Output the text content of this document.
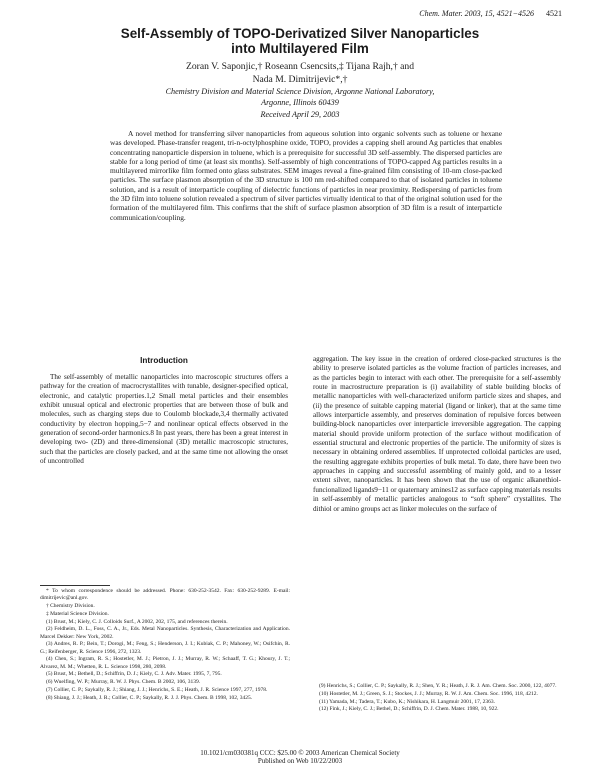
Chem. Mater. 2003, 15, 4521−4526 4521
Self-Assembly of TOPO-Derivatized Silver Nanoparticles
into Multilayered Film
Zoran V. Saponjic,† Roseann Csencsits,‡ Tijana Rajh,† and
Nada M. Dimitrijevic*,†
Chemistry Division and Material Science Division, Argonne National Laboratory,
Argonne, Illinois 60439
Received April 29, 2003

A novel method for transferring silver nanoparticles from aqueous solution into organic solvents such as toluene or hexane was developed. Phase-transfer reagent, tri-n-octylphosphine oxide, TOPO, provides a capping shell around Ag particles that enables concentrating nanoparticle dispersion in toluene, which is a prerequisite for successful 3D self-assembly. The dispersed particles are stable for a long period of time (at least six months). Self-assembly of high concentrations of TOPO-capped Ag particles results in a multilayered mirrorlike film formed onto glass substrates. SEM images reveal a fine-grained film consisting of 10-nm close-packed particles. The surface plasmon absorption of the 3D structure is 100 nm red-shifted compared to that of isolated particles in toluene solution, and is a result of interparticle coupling of dielectric functions of particles in near proximity. Redispersing of particles from the 3D film into toluene solution revealed a spectrum of silver particles virtually identical to that of the original solution used for the formation of the multilayered film. This confirms that the shift of surface plasmon absorption of 3D film is a result of interparticle communication/coupling.

Introduction

The self-assembly of metallic nanoparticles into macroscopic structures offers a pathway for the creation of macrocrystallites with tunable, designer-specified optical, electronic, and catalytic properties.1,2 Small metal particles and their ensembles exhibit unusual optical and electronic properties that are between those of bulk and molecules, such as charging steps due to Coulomb blockade,3,4 thermally activated conductivity by electron hopping,5−7 and nonlinear optical effects observed in the generation of second-order harmonics.8 In past years, there has been a great interest in developing two- (2D) and three-dimensional (3D) metallic macroscopic structures, such that the particles are closely packed, and at the same time not allowing the onset of uncontrolled

aggregation. The key issue in the creation of ordered close-packed structures is the ability to preserve isolated particles as the volume fraction of particles increases, and as the particles begin to interact with each other. The prerequisite for a self-assembly route in macrostructure preparation is (i) availability of stable building blocks of metallic nanoparticles with well-characterized uniform particle sizes and shapes, and (ii) the presence of suitable capping material (ligand or linker), that at the same time allows interparticle assembly, and preserves domination of repulsive forces between building-block nanoparticles over interparticle irreversible aggregation. The capping material should provide uniform protection of the surface without modification of essential structural and electronic properties of the particle. The uniformity of sizes is necessary in obtaining ordered assemblies. If unprotected colloidal particles are used, the resulting aggregate exhibits properties of bulk metal. To date, there have been two approaches in capping and successful assembling of mainly gold, and to a lesser extent silver, nanoparticles. It has been shown that the use of organic alkanethiol-funcionalized ligands9−11 or quaternary amines12 as surface capping materials results in self-assembly of metallic particles analogous to “soft sphere” crystallites. The dithiol or amino groups act as linker molecules on the surface of

* To whom correspondence should be addressed. Phone: 630-252-3542. Fax: 630-252-9289. E-mail: dimitrijevic@anl.gov.
† Chemistry Division.
‡ Material Science Division.
(1) Brust, M.; Kiely, C. J. Colloids Surf., A 2002, 202, 175, and references therein.
(2) Feldheim, D. L., Foss, C. A., Jr., Eds. Metal Nanoparticles. Synthesis, Characterization and Application. Marcel Dekker: New York, 2002.
(3) Andres, R. P.; Bein, T.; Dorogi, M.; Feng, S.; Henderson, J. I.; Kubiak, C. P.; Mahoney, W.; Osifchin, R. G.; Reifenberger, R. Science 1996, 272, 1323.
(4) Chen, S.; Ingram, R. S.; Hostetler, M. J.; Pietron, J. J.; Murray, R. W.; Schaaff, T. G.; Khoury, J. T.; Alvarez, M. M.; Whetten, R. L. Science 1998, 280, 2098.
(5) Brust, M.; Bethell, D.; Schiffrin, D. J.; Kiely, C. J. Adv. Mater. 1995, 7, 795.
(6) Wuelfing, W. P.; Murray, R. W. J. Phys. Chem. B 2002, 106, 3139.
(7) Collier, C. P.; Saykally, R. J.; Shiang, J. J.; Henrichs, S. E.; Heath, J. R. Science 1997, 277, 1978.
(8) Shiang, J. J.; Heath, J. R.; Collier, C. P.; Saykally, R. J. J. Phys. Chem. B 1998, 102, 3425.
(9) Henrichs, S.; Collier, C. P.; Saykally, R. J.; Shen, Y. R.; Heath, J. R. J. Am. Chem. Soc. 2000, 122, 4077.
(10) Hostetler, M. J.; Green, S. J.; Stockes, J. J.; Murray, R. W. J. Am. Chem. Soc. 1996, 118, 4212.
(11) Yamada, M.; Tadera, T.; Kubo, K.; Nishikara, H. Langmuir 2001, 17, 2363.
(12) Fink, J.; Kiely, C. J.; Bethel, D.; Schiffrin, D. J. Chem. Mater. 1988, 10, 922.
10.1021/cm030381q CCC: $25.00 © 2003 American Chemical Society
Published on Web 10/22/2003
